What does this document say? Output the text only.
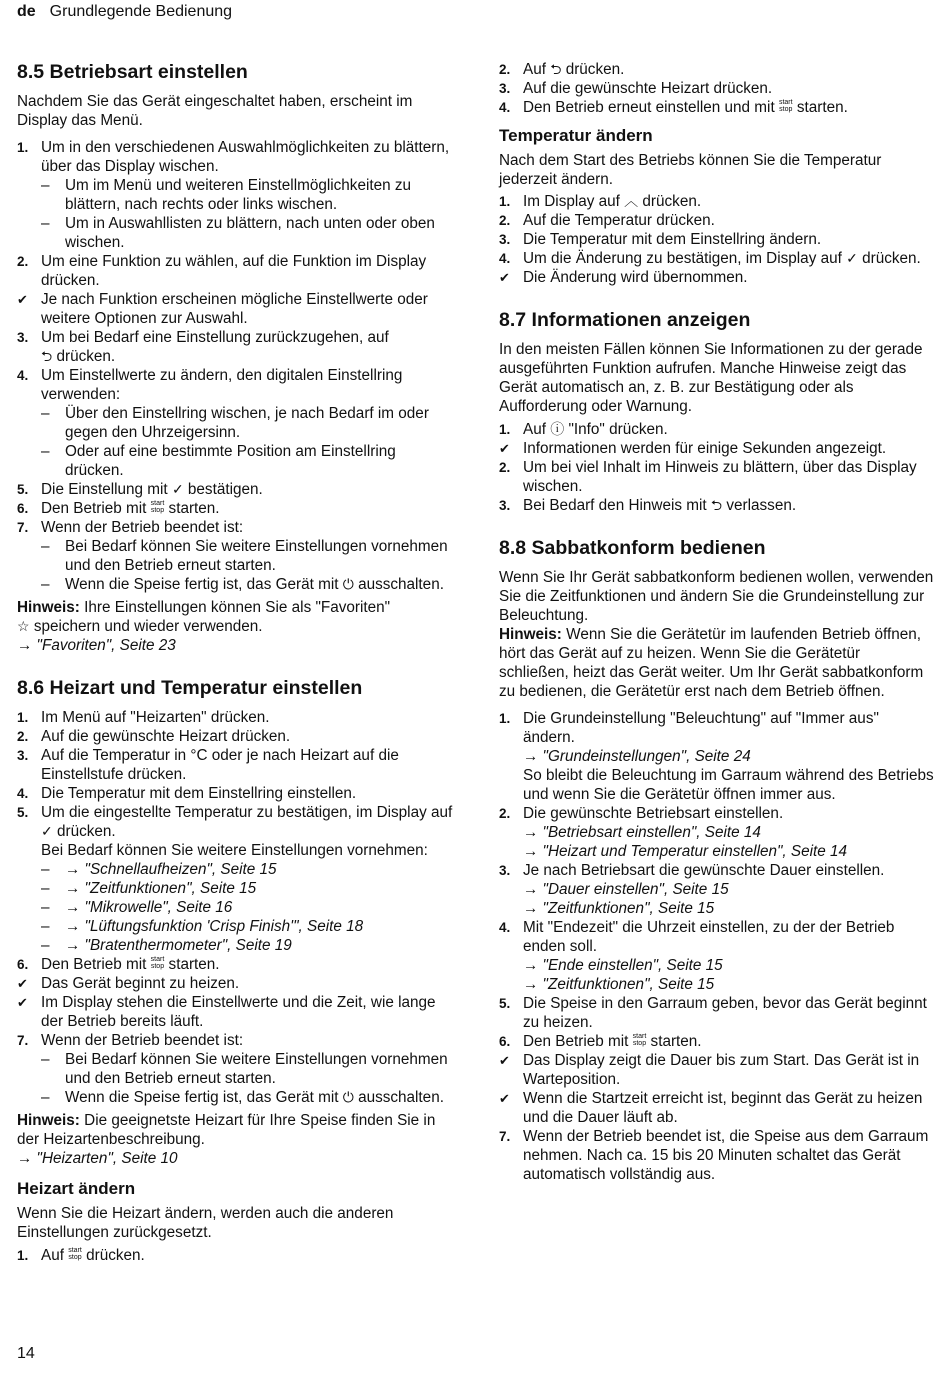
de Grundlegende Bedienung
8.5 Betriebsart einstellen

Nachdem Sie das Gerät eingeschaltet haben, erscheint im Display das Menü.

1. Um in den verschiedenen Auswahlmöglichkeiten zu blättern, über das Display wischen.
– Um im Menü und weiteren Einstellmöglichkeiten zu blättern, nach rechts oder links wischen.
– Um in Auswahllisten zu blättern, nach unten oder oben wischen.
2. Um eine Funktion zu wählen, auf die Funktion im Display drücken.
✔ Je nach Funktion erscheinen mögliche Einstellwerte oder weitere Optionen zur Auswahl.
3. Um bei Bedarf eine Einstellung zurückzugehen, auf
⮌ drücken.
4. Um Einstellwerte zu ändern, den digitalen Einstellring verwenden:
– Über den Einstellring wischen, je nach Bedarf im oder gegen den Uhrzeigersinn.
– Oder auf eine bestimmte Position am Einstellring drücken.
5. Die Einstellung mit ✓ bestätigen.
6. Den Betrieb mit start
stop starten.
7. Wenn der Betrieb beendet ist:
– Bei Bedarf können Sie weitere Einstellungen vornehmen und den Betrieb erneut starten.
– Wenn die Speise fertig ist, das Gerät mit ⏻ ausschalten.

Hinweis: Ihre Einstellungen können Sie als "Favoriten"
☆ speichern und wieder verwenden.

→ "Favoriten", Seite 23

8.6 Heizart und Temperatur einstellen
1. Im Menü auf "Heizarten" drücken.
2. Auf die gewünschte Heizart drücken.
3. Auf die Temperatur in °C oder je nach Heizart auf die Einstellstufe drücken.
4. Die Temperatur mit dem Einstellring einstellen.
5. Um die eingestellte Temperatur zu bestätigen, im Display auf ✓ drücken.
Bei Bedarf können Sie weitere Einstellungen vornehmen:
– → "Schnellaufheizen", Seite 15
– → "Zeitfunktionen", Seite 15
– → "Mikrowelle", Seite 16
– → "Lüftungsfunktion 'Crisp Finish'", Seite 18
– → "Bratenthermometer", Seite 19
6. Den Betrieb mit start
stop starten.
✔ Das Gerät beginnt zu heizen.
✔ Im Display stehen die Einstellwerte und die Zeit, wie lange der Betrieb bereits läuft.
7. Wenn der Betrieb beendet ist:
– Bei Bedarf können Sie weitere Einstellungen vornehmen und den Betrieb erneut starten.
– Wenn die Speise fertig ist, das Gerät mit ⏻ ausschalten.

Hinweis: Die geeignetste Heizart für Ihre Speise finden Sie in der Heizartenbeschreibung.

→ "Heizarten", Seite 10

Heizart ändern

Wenn Sie die Heizart ändern, werden auch die anderen Einstellungen zurückgesetzt.

1. Auf start
stop drücken.
2. Auf ⮌ drücken.
3. Auf die gewünschte Heizart drücken.
4. Den Betrieb erneut einstellen und mit start
stop starten.
Temperatur ändern

Nach dem Start des Betriebs können Sie die Temperatur jederzeit ändern.

1. Im Display auf ︿ drücken.
2. Auf die Temperatur drücken.
3. Die Temperatur mit dem Einstellring ändern.
4. Um die Änderung zu bestätigen, im Display auf ✓ drücken.
✔ Die Änderung wird übernommen.
8.7 Informationen anzeigen

In den meisten Fällen können Sie Informationen zu der gerade ausgeführten Funktion aufrufen. Manche Hinweise zeigt das Gerät automatisch an, z. B. zur Bestätigung oder als Aufforderung oder Warnung.

1. Auf ⓘ "Info" drücken.
✔ Informationen werden für einige Sekunden angezeigt.
2. Um bei viel Inhalt im Hinweis zu blättern, über das Display wischen.
3. Bei Bedarf den Hinweis mit ⮌ verlassen.
8.8 Sabbatkonform bedienen

Wenn Sie Ihr Gerät sabbatkonform bedienen wollen, verwenden Sie die Zeitfunktionen und ändern Sie die Grundeinstellung zur Beleuchtung.

Hinweis: Wenn Sie die Gerätetür im laufenden Betrieb öffnen, hört das Gerät auf zu heizen. Wenn Sie die Gerätetür schließen, heizt das Gerät weiter. Um Ihr Gerät sabbatkonform zu bedienen, die Gerätetür erst nach dem Betrieb öffnen.

1. Die Grundeinstellung "Beleuchtung" auf "Immer aus" ändern.
→ "Grundeinstellungen", Seite 24
So bleibt die Beleuchtung im Garraum während des Betriebs und wenn Sie die Gerätetür öffnen immer aus.
2. Die gewünschte Betriebsart einstellen.
→ "Betriebsart einstellen", Seite 14
→ "Heizart und Temperatur einstellen", Seite 14
3. Je nach Betriebsart die gewünschte Dauer einstellen.
→ "Dauer einstellen", Seite 15
→ "Zeitfunktionen", Seite 15
4. Mit "Endezeit" die Uhrzeit einstellen, zu der der Betrieb enden soll.
→ "Ende einstellen", Seite 15
→ "Zeitfunktionen", Seite 15
5. Die Speise in den Garraum geben, bevor das Gerät beginnt zu heizen.
6. Den Betrieb mit start
stop starten.
✔ Das Display zeigt die Dauer bis zum Start. Das Gerät ist in Warteposition.
✔ Wenn die Startzeit erreicht ist, beginnt das Gerät zu heizen und die Dauer läuft ab.
7. Wenn der Betrieb beendet ist, die Speise aus dem Garraum nehmen. Nach ca. 15 bis 20 Minuten schaltet das Gerät automatisch vollständig aus.
14
